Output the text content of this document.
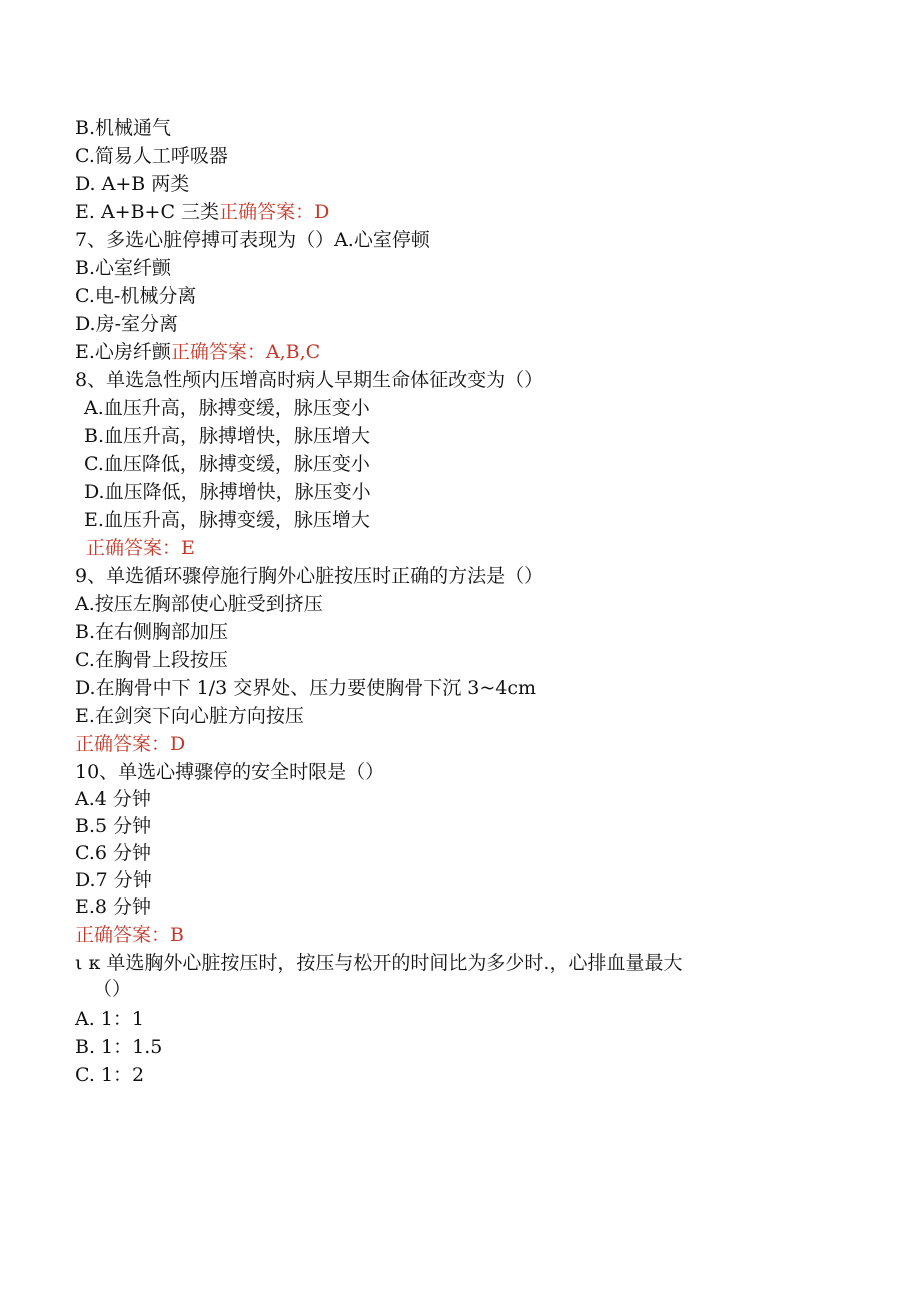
B.机械通气
C.简易人工呼吸器
D. A+B 两类
E. A+B+C 三类正确答案：D
7、多选心脏停搏可表现为（）A.心室停顿
B.心室纤颤
C.电-机械分离
D.房-室分离
E.心房纤颤正确答案：A,B,C
8、单选急性颅内压增高时病人早期生命体征改变为（）
A.血压升高，脉搏变缓，脉压变小
B.血压升高，脉搏增快，脉压增大
C.血压降低，脉搏变缓，脉压变小
D.血压降低，脉搏增快，脉压变小
E.血压升高，脉搏变缓，脉压增大
正确答案：E
9、单选循环骤停施行胸外心脏按压时正确的方法是（）
A.按压左胸部使心脏受到挤压
B.在右侧胸部加压
C.在胸骨上段按压
D.在胸骨中下 1/3 交界处、压力要使胸骨下沉 3~4cm
E.在剑突下向心脏方向按压
正确答案：D
10、单选心搏骤停的安全时限是（）
A.4 分钟
B.5 分钟
C.6 分钟
D.7 分钟
E.8 分钟
正确答案：B
ι κ 单选胸外心脏按压时，按压与松开的时间比为多少时.，心排血量最大
（）
A. 1：1
B. 1：1.5
C. 1：2
